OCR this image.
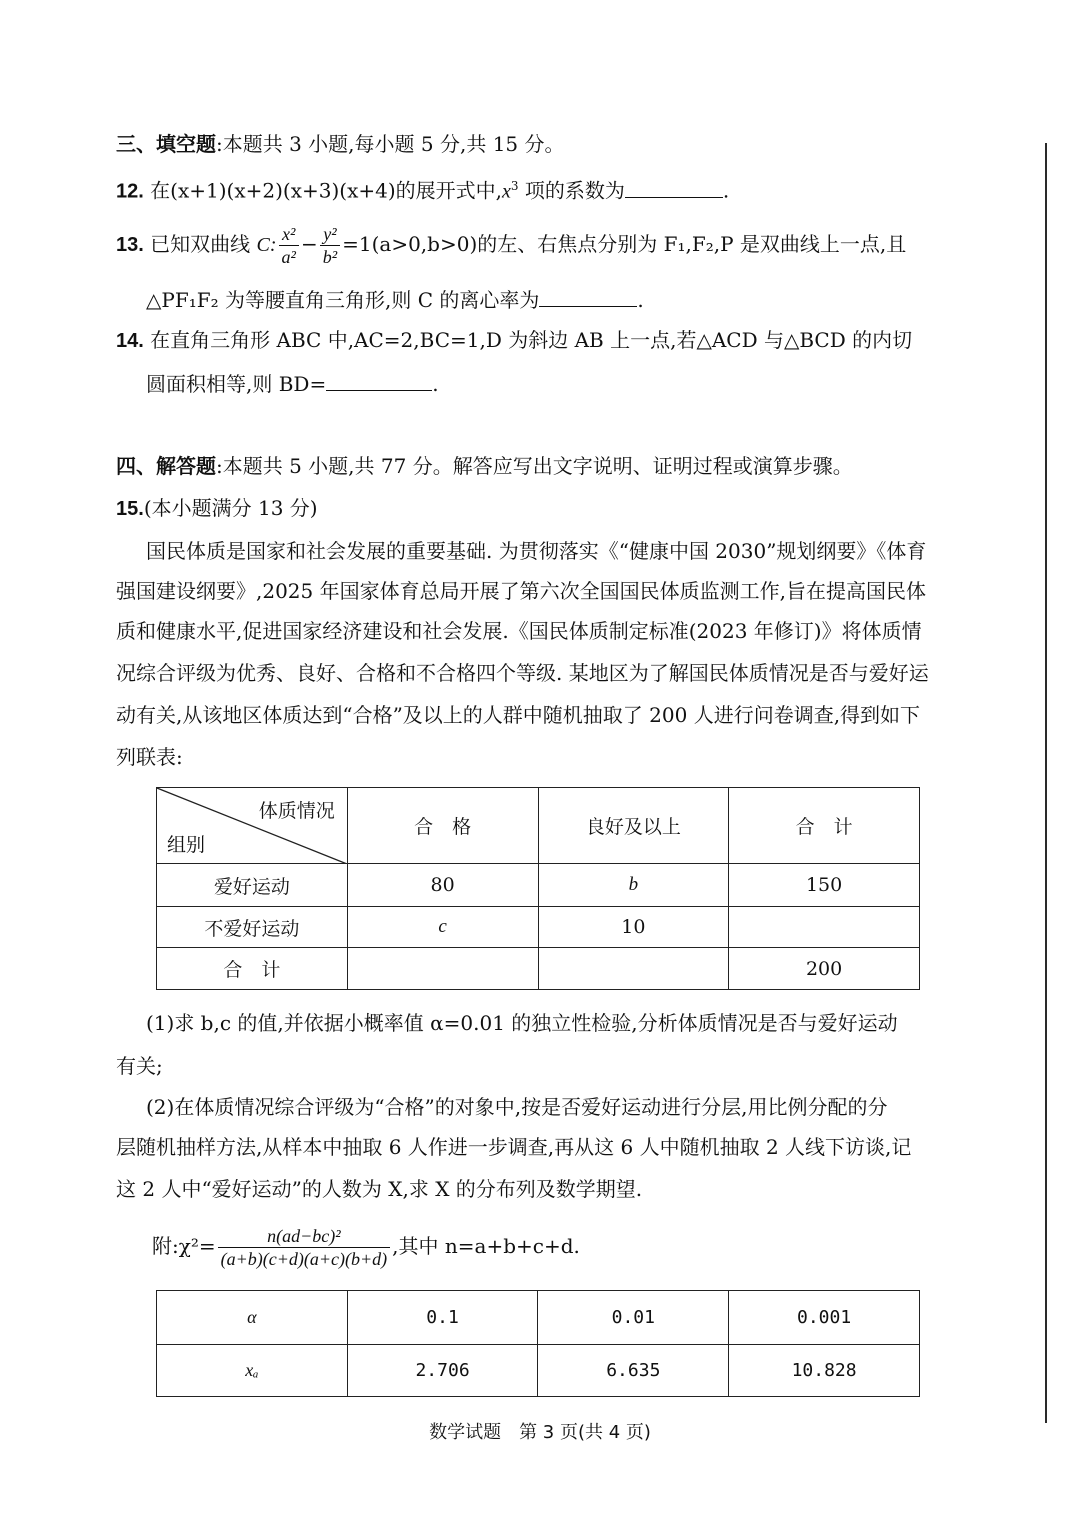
三、填空题:本题共 3 小题,每小题 5 分,共 15 分。
12. 在(x+1)(x+2)(x+3)(x+4)的展开式中$,x^3$ 项的系数为	.
13. 已知双曲线 C: $\frac{\text{x²}}{\text{a²}} - \frac{\text{y²}}{\text{b²}} =1(a>0,b>0)$的左、右焦点分别为 F₁,F₂,P 是双曲线上一点,且
△PF₁F₂ 为等腰直角三角形,则 C 的离心率为	.
14. 在直角三角形 ABC 中,AC=2,BC=1,D 为斜边 AB 上一点,若△ACD 与△BCD 的内切
圆面积相等,则 BD=	.
四、解答题:本题共 5 小题,共 77 分。解答应写出文字说明、证明过程或演算步骤。
15.(本小题满分 13 分)
国民体质是国家和社会发展的重要基础. 为贯彻落实《“健康中国 2030”规划纲要》《体育
强国建设纲要》,2025 年国家体育总局开展了第六次全国国民体质监测工作,旨在提高国民体
质和健康水平,促进国家经济建设和社会发展.《国民体质制定标准(2023 年修订)》将体质情
况综合评级为优秀、良好、合格和不合格四个等级. 某地区为了解国民体质情况是否与爱好运
动有关,从该地区体质达到“合格”及以上的人群中随机抽取了 200 人进行问卷调查,得到如下
列联表:
体质情况
组别	合　格	良好及以上	合　计
爱好运动	80	b	150
不爱好运动	c	10	
合　计			200
(1)求 b,c 的值,并依据小概率值 α=0.01 的独立性检验,分析体质情况是否与爱好运动
有关;
(2)在体质情况综合评级为“合格”的对象中,按是否爱好运动进行分层,用比例分配的分
层随机抽样方法,从样本中抽取 6 人作进一步调查,再从这 6 人中随机抽取 2 人线下访谈,记
这 2 人中“爱好运动”的人数为 X,求 X 的分布列及数学期望.
附:χ²= $\frac{\text{n(ad−bc)²}}{(a+b)(c+d)(a+c)(b+d)}$ ,其中 n=a+b+c+d.
α	0.1	0.01	0.001
xₐ	2.706	6.635	10.828
数学试题　第 3 页(共 4 页)
